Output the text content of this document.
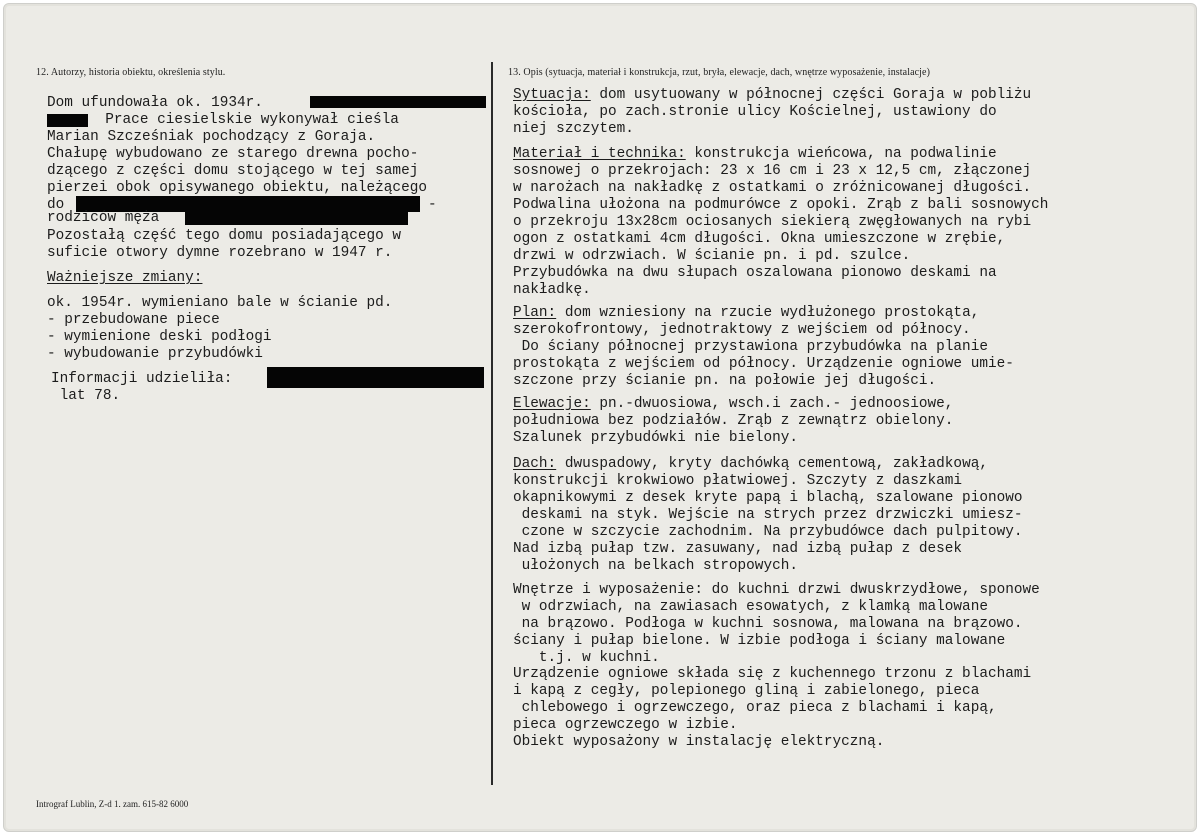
12. Autorzy, historia obiektu, określenia stylu.	13. Opis (sytuacja, materiał i konstrukcja, rzut, bryła, elewacje, dach, wnętrze wyposażenie, instalacje)
Dom ufundowała ok. 1934r.
Prace ciesielskie wykonywał cieśla
Marian Szcześniak pochodzący z Goraja.
Chałupę wybudowano ze starego drewna pocho-
dzącego z części domu stojącego w tej samej
pierzei obok opisywanego obiektu, należącego
do	-
rodziców męża
Pozostałą część tego domu posiadającego w
suficie otwory dymne rozebrano w 1947 r.
Ważniejsze zmiany:
ok. 1954r. wymieniano bale w ścianie pd.
- przebudowane piece
- wymienione deski podłogi
- wybudowanie przybudówki
Informacji udzieliła:
lat 78.
Sytuacja: dom usytuowany w północnej części Goraja w pobliżu
kościoła, po zach.stronie ulicy Kościelnej, ustawiony do
niej szczytem.
Materiał i technika: konstrukcja wieńcowa, na podwalinie
sosnowej o przekrojach: 23 x 16 cm i 23 x 12,5 cm, złączonej
w narożach na nakładkę z ostatkami o zróżnicowanej długości.
Podwalina ułożona na podmurówce z opoki. Zrąb z bali sosnowych
o przekroju 13x28cm ociosanych siekierą zwęgłowanych na rybi
ogon z ostatkami 4cm długości. Okna umieszczone w zrębie,
drzwi w odrzwiach. W ścianie pn. i pd. szulce.
Przybudówka na dwu słupach oszalowana pionowo deskami na
nakładkę.
Plan: dom wzniesiony na rzucie wydłużonego prostokąta,
szerokofrontowy, jednotraktowy z wejściem od północy.
Do ściany północnej przystawiona przybudówka na planie
prostokąta z wejściem od północy. Urządzenie ogniowe umie-
szczone przy ścianie pn. na połowie jej długości.
Elewacje: pn.-dwuosiowa, wsch.i zach.- jednoosiowe,
południowa bez podziałów. Zrąb z zewnątrz obielony.
Szalunek przybudówki nie bielony.
Dach: dwuspadowy, kryty dachówką cementową, zakładkową,
konstrukcji krokwiowo płatwiowej. Szczyty z daszkami
okapnikowymi z desek kryte papą i blachą, szalowane pionowo
deskami na styk. Wejście na strych przez drzwiczki umiesz-
czone w szczycie zachodnim. Na przybudówce dach pulpitowy.
Nad izbą pułap tzw. zasuwany, nad izbą pułap z desek
ułożonych na belkach stropowych.
Wnętrze i wyposażenie: do kuchni drzwi dwuskrzydłowe, sponowe
w odrzwiach, na zawiasach esowatych, z klamką malowane
na brązowo. Podłoga w kuchni sosnowa, malowana na brązowo.
ściany i pułap bielone. W izbie podłoga i ściany malowane
t.j. w kuchni.
Urządzenie ogniowe składa się z kuchennego trzonu z blachami
i kapą z cegły, polepionego gliną i zabielonego, pieca
chlebowego i ogrzewczego, oraz pieca z blachami i kapą,
pieca ogrzewczego w izbie.
Obiekt wyposażony w instalację elektryczną.
Intrograf Lublin, Z-d 1. zam. 615-82 6000
